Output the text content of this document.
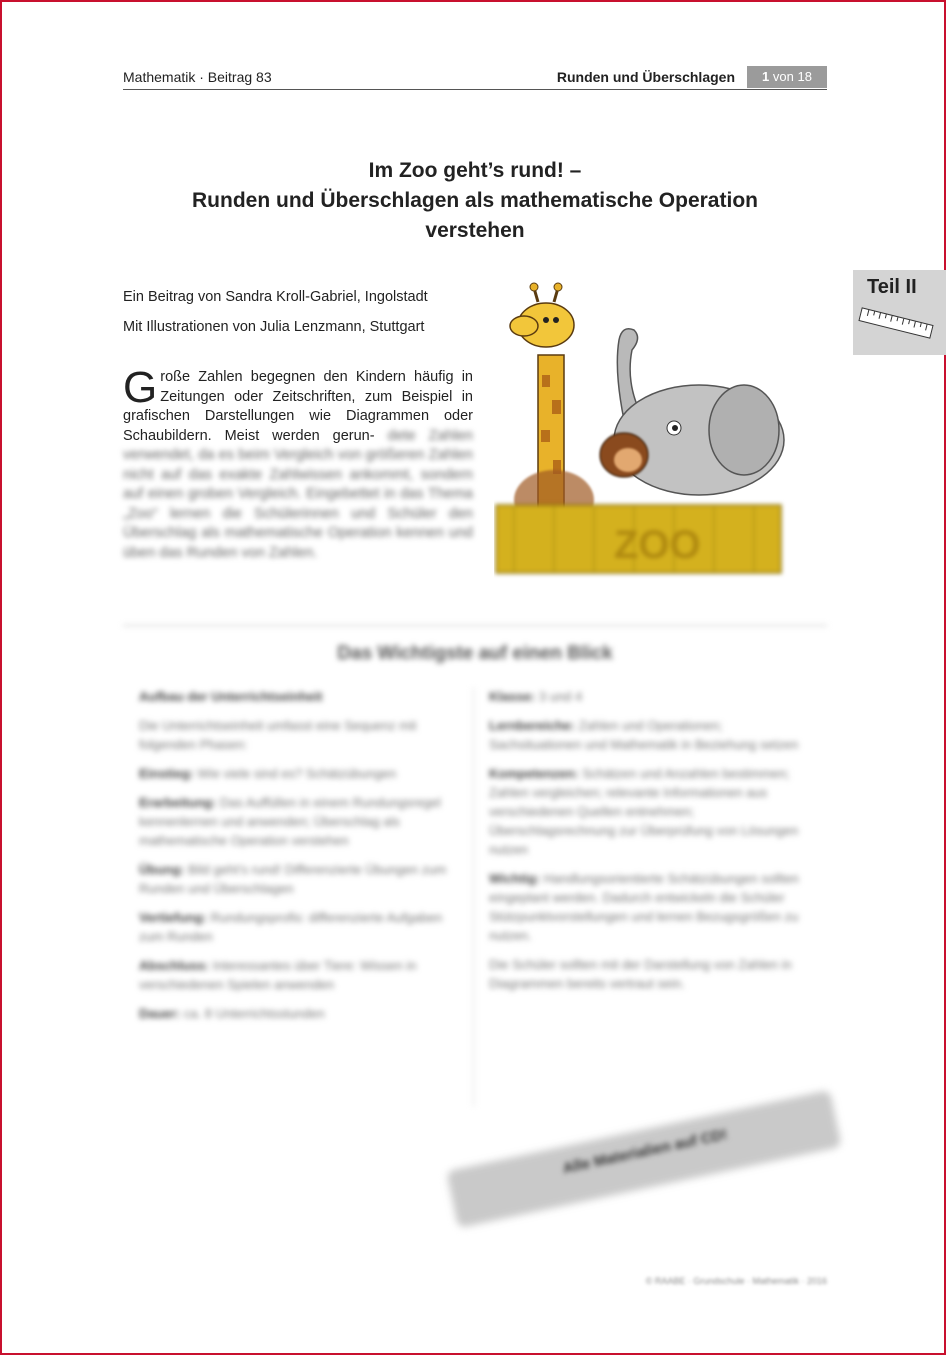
Mathematik · Beitrag 83	Runden und Überschlagen	1 von 18
Im Zoo geht’s rund! –
Runden und Überschlagen als mathematische Operation
verstehen
Teil II
Ein Beitrag von Sandra Kroll-Gabriel, Ingolstadt
Mit Illustrationen von Julia Lenzmann, Stuttgart
Große Zahlen begegnen den Kindern häufig in Zeitungen oder Zeitschriften, zum Beispiel in grafischen Darstellungen wie Diagrammen oder Schaubildern. Meist werden gerun- dete Zahlen verwendet, da es beim Vergleich von größeren Zahlen nicht auf das exakte Zahlwissen ankommt, sondern auf einen groben Vergleich. Eingebettet in das Thema „Zoo“ lernen die Schülerinnen und Schüler den Überschlag als mathematische Operation kennen und üben das Runden von Zahlen.	ZOO
Das Wichtigste auf einen Blick
Aufbau der Unterrichtseinheit
Die Unterrichtseinheit umfasst eine Sequenz mit folgenden Phasen:
Einstieg: Wie viele sind es? Schätzübungen
Erarbeitung: Das Auffüllen in einem Rundungsregel kennenlernen und anwenden; Überschlag als mathematische Operation verstehen
Übung: Bild geht’s rund! Differenzierte Übungen zum Runden und Überschlagen
Vertiefung: Rundungsprofis: differenzierte Aufgaben zum Runden
Abschluss: Interessantes über Tiere: Wissen in verschiedenen Spielen anwenden
Dauer: ca. 8 Unterrichtsstunden
Klasse: 3 und 4
Lernbereiche: Zahlen und Operationen; Sachsituationen und Mathematik in Beziehung setzen
Kompetenzen: Schätzen und Anzahlen bestimmen; Zahlen vergleichen; relevante Informationen aus verschiedenen Quellen entnehmen; Überschlagsrechnung zur Überprüfung von Lösungen nutzen
Wichtig: Handlungsorientierte Schätzübungen sollten eingeplant werden. Dadurch entwickeln die Schüler Stützpunktvorstellungen und lernen Bezugsgrößen zu nutzen.
Die Schüler sollten mit der Darstellung von Zahlen in Diagrammen bereits vertraut sein.
Alle Materialien auf CD!
© RAABE · Grundschule · Mathematik · 2016
